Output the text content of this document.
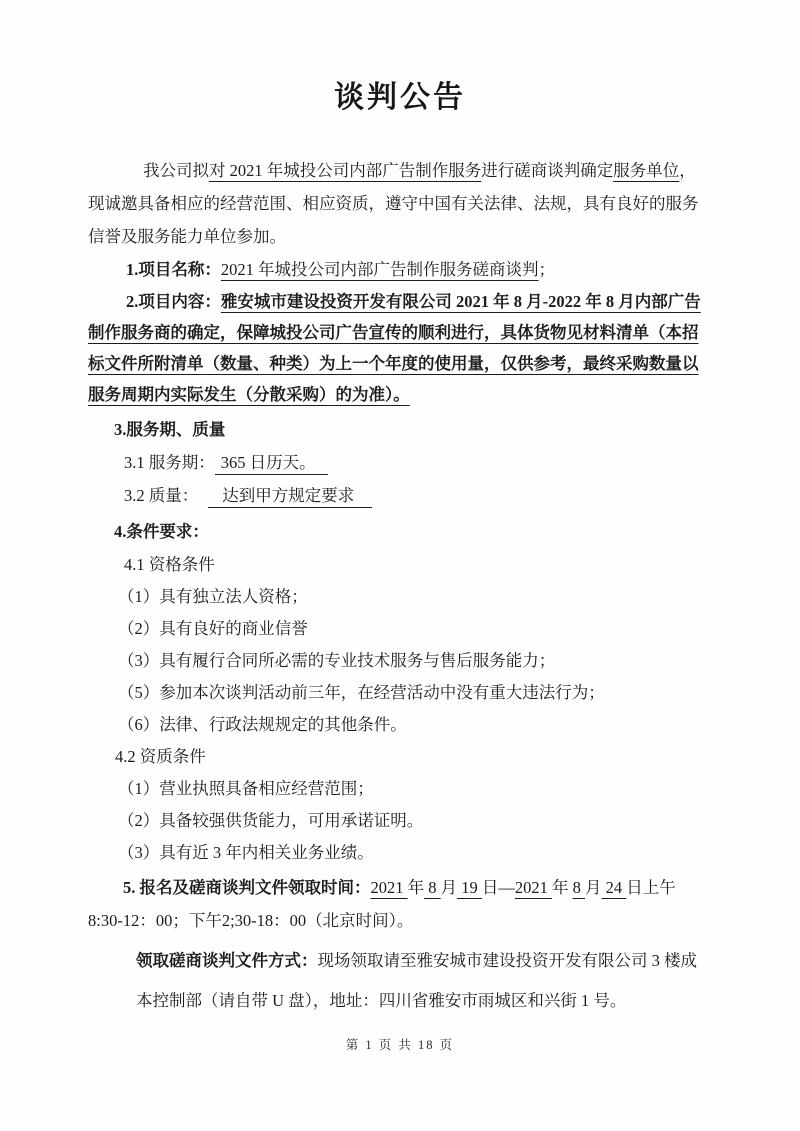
谈判公告

我公司拟对 2021 年城投公司内部广告制作服务进行磋商谈判确定服务单位，现诚邀具备相应的经营范围、相应资质，遵守中国有关法律、法规，具有良好的服务信誉及服务能力单位参加。

1.项目名称：2021 年城投公司内部广告制作服务磋商谈判；

2.项目内容：雅安城市建设投资开发有限公司 2021 年 8 月-2022 年 8 月内部广告制作服务商的确定，保障城投公司广告宣传的顺利进行，具体货物见材料清单（本招标文件所附清单（数量、种类）为上一个年度的使用量，仅供参考，最终采购数量以服务周期内实际发生（分散采购）的为准）。

3.服务期、质量

3.1 服务期： 365 日历天。

3.2 质量： 达到甲方规定要求

4.条件要求：

4.1 资格条件

（1）具有独立法人资格；

（2）具有良好的商业信誉

（3）具有履行合同所必需的专业技术服务与售后服务能力；

（5）参加本次谈判活动前三年，在经营活动中没有重大违法行为；

（6）法律、行政法规规定的其他条件。

4.2 资质条件

（1）营业执照具备相应经营范围；

（2）具备较强供货能力，可用承诺证明。

（3）具有近 3 年内相关业务业绩。

5. 报名及磋商谈判文件领取时间：2021 年 8 月 19 日—2021 年 8 月 24 日上午8:30-12：00；下午2;30-18：00（北京时间）。

领取磋商谈判文件方式：现场领取请至雅安城市建设投资开发有限公司 3 楼成本控制部（请自带 U 盘），地址：四川省雅安市雨城区和兴街 1 号。

第 1 页 共 18 页
